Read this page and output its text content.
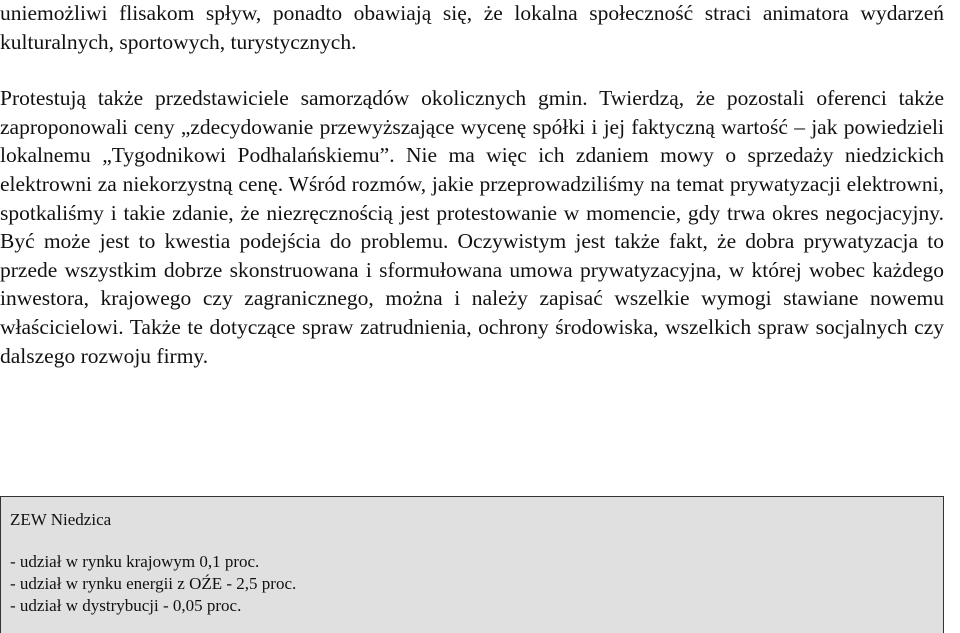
uniemożliwi flisakom spływ, ponadto obawiają się, że lokalna społeczność straci animatora wydarzeń kulturalnych, sportowych, turystycznych.

Protestują także przedstawiciele samorządów okolicznych gmin. Twierdzą, że pozostali oferenci także zaproponowali ceny „zdecydowanie przewyższające wycenę spółki i jej faktyczną wartość – jak powiedzieli lokalnemu „Tygodnikowi Podhalańskiemu”. Nie ma więc ich zdaniem mowy o sprzedaży niedzickich elektrowni za niekorzystną cenę. Wśród rozmów, jakie przeprowadziliśmy na temat prywatyzacji elektrowni, spotkaliśmy i takie zdanie, że niezręcznością jest protestowanie w momencie, gdy trwa okres negocjacyjny. Być może jest to kwestia podejścia do problemu. Oczywistym jest także fakt, że dobra prywatyzacja to przede wszystkim dobrze skonstruowana i sformułowana umowa prywatyzacyjna, w której wobec każdego inwestora, krajowego czy zagranicznego, można i należy zapisać wszelkie wymogi stawiane nowemu właścicielowi. Także te dotyczące spraw zatrudnienia, ochrony środowiska, wszelkich spraw socjalnych czy dalszego rozwoju firmy.

ZEW Niedzica

- udział w rynku krajowym 0,1 proc.
- udział w rynku energii z OŹE - 2,5 proc.
- udział w dystrybucji - 0,05 proc.
